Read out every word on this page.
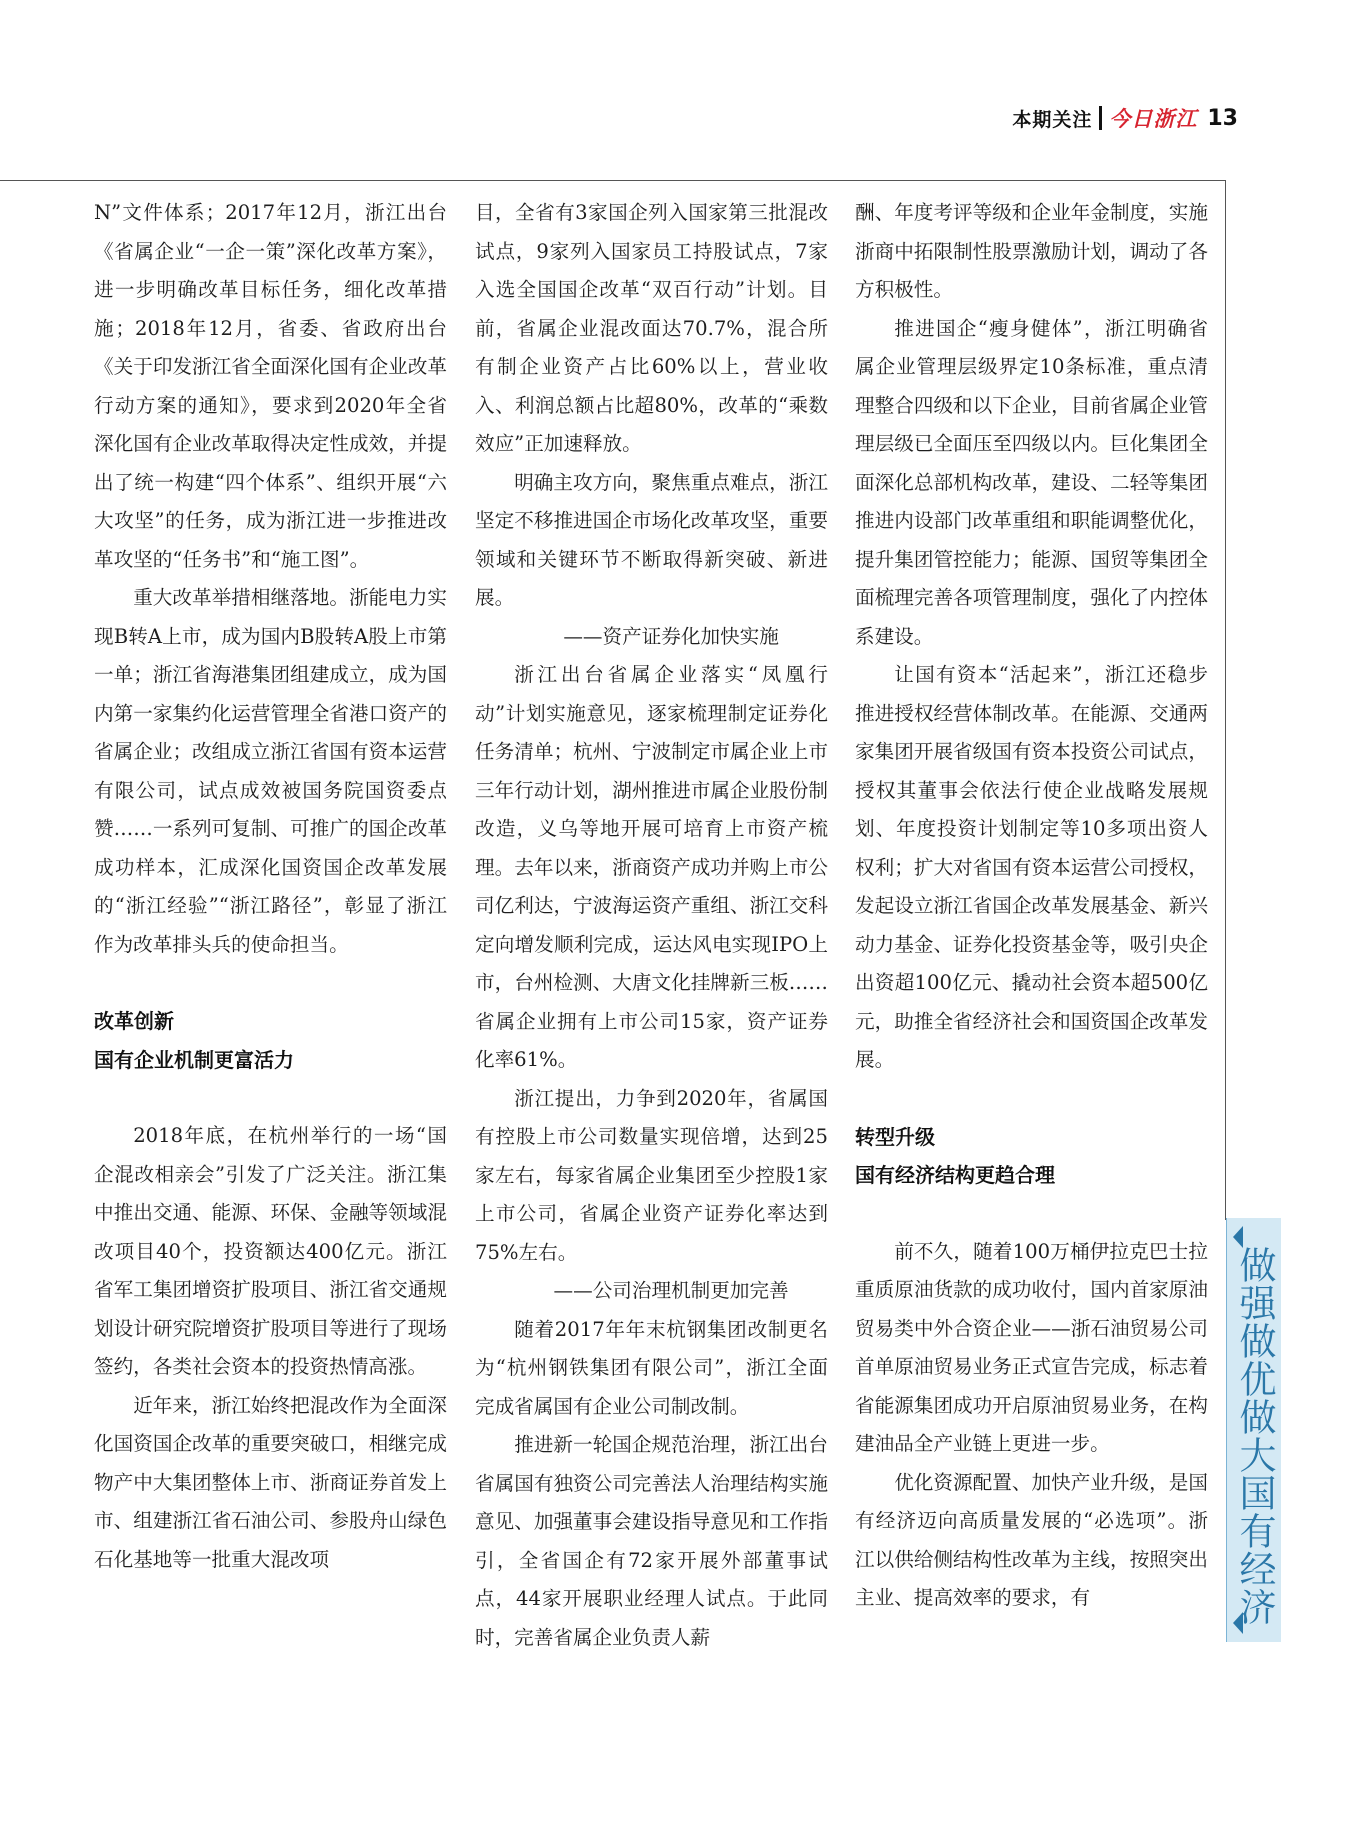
本期关注 今日浙江 13

N”文件体系；2017年12月，浙江出台《省属企业“一企一策”深化改革方案》，进一步明确改革目标任务，细化改革措施；2018年12月，省委、省政府出台《关于印发浙江省全面深化国有企业改革行动方案的通知》，要求到2020年全省深化国有企业改革取得决定性成效，并提出了统一构建“四个体系”、组织开展“六大攻坚”的任务，成为浙江进一步推进改革攻坚的“任务书”和“施工图”。

重大改革举措相继落地。浙能电力实现B转A上市，成为国内B股转A股上市第一单；浙江省海港集团组建成立，成为国内第一家集约化运营管理全省港口资产的省属企业；改组成立浙江省国有资本运营有限公司，试点成效被国务院国资委点赞……一系列可复制、可推广的国企改革成功样本，汇成深化国资国企改革发展的“浙江经验”“浙江路径”，彰显了浙江作为改革排头兵的使命担当。

改革创新

国有企业机制更富活力

2018年底，在杭州举行的一场“国企混改相亲会”引发了广泛关注。浙江集中推出交通、能源、环保、金融等领域混改项目40个，投资额达400亿元。浙江省军工集团增资扩股项目、浙江省交通规划设计研究院增资扩股项目等进行了现场签约，各类社会资本的投资热情高涨。

近年来，浙江始终把混改作为全面深化国资国企改革的重要突破口，相继完成物产中大集团整体上市、浙商证券首发上市、组建浙江省石油公司、参股舟山绿色石化基地等一批重大混改项

目，全省有3家国企列入国家第三批混改试点，9家列入国家员工持股试点，7家入选全国国企改革“双百行动”计划。目前，省属企业混改面达70.7%，混合所有制企业资产占比60%以上，营业收入、利润总额占比超80%，改革的“乘数效应”正加速释放。

明确主攻方向，聚焦重点难点，浙江坚定不移推进国企市场化改革攻坚，重要领域和关键环节不断取得新突破、新进展。

——资产证券化加快实施

浙江出台省属企业落实“凤凰行动”计划实施意见，逐家梳理制定证券化任务清单；杭州、宁波制定市属企业上市三年行动计划，湖州推进市属企业股份制改造，义乌等地开展可培育上市资产梳理。去年以来，浙商资产成功并购上市公司亿利达，宁波海运资产重组、浙江交科定向增发顺利完成，运达风电实现IPO上市，台州检测、大唐文化挂牌新三板……省属企业拥有上市公司15家，资产证券化率61%。

浙江提出，力争到2020年，省属国有控股上市公司数量实现倍增，达到25家左右，每家省属企业集团至少控股1家上市公司，省属企业资产证券化率达到75%左右。

——公司治理机制更加完善

随着2017年年末杭钢集团改制更名为“杭州钢铁集团有限公司”，浙江全面完成省属国有企业公司制改制。

推进新一轮国企规范治理，浙江出台省属国有独资公司完善法人治理结构实施意见、加强董事会建设指导意见和工作指引，全省国企有72家开展外部董事试点，44家开展职业经理人试点。于此同时，完善省属企业负责人薪

酬、年度考评等级和企业年金制度，实施浙商中拓限制性股票激励计划，调动了各方积极性。

推进国企“瘦身健体”，浙江明确省属企业管理层级界定10条标准，重点清理整合四级和以下企业，目前省属企业管理层级已全面压至四级以内。巨化集团全面深化总部机构改革，建设、二轻等集团推进内设部门改革重组和职能调整优化，提升集团管控能力；能源、国贸等集团全面梳理完善各项管理制度，强化了内控体系建设。

让国有资本“活起来”，浙江还稳步推进授权经营体制改革。在能源、交通两家集团开展省级国有资本投资公司试点，授权其董事会依法行使企业战略发展规划、年度投资计划制定等10多项出资人权利；扩大对省国有资本运营公司授权，发起设立浙江省国企改革发展基金、新兴动力基金、证券化投资基金等，吸引央企出资超100亿元、撬动社会资本超500亿元，助推全省经济社会和国资国企改革发展。

转型升级

国有经济结构更趋合理

前不久，随着100万桶伊拉克巴士拉重质原油货款的成功收付，国内首家原油贸易类中外合资企业——浙石油贸易公司首单原油贸易业务正式宣告完成，标志着省能源集团成功开启原油贸易业务，在构建油品全产业链上更进一步。

优化资源配置、加快产业升级，是国有经济迈向高质量发展的“必选项”。浙江以供给侧结构性改革为主线，按照突出主业、提高效率的要求，有	做强做优做大国有经济
